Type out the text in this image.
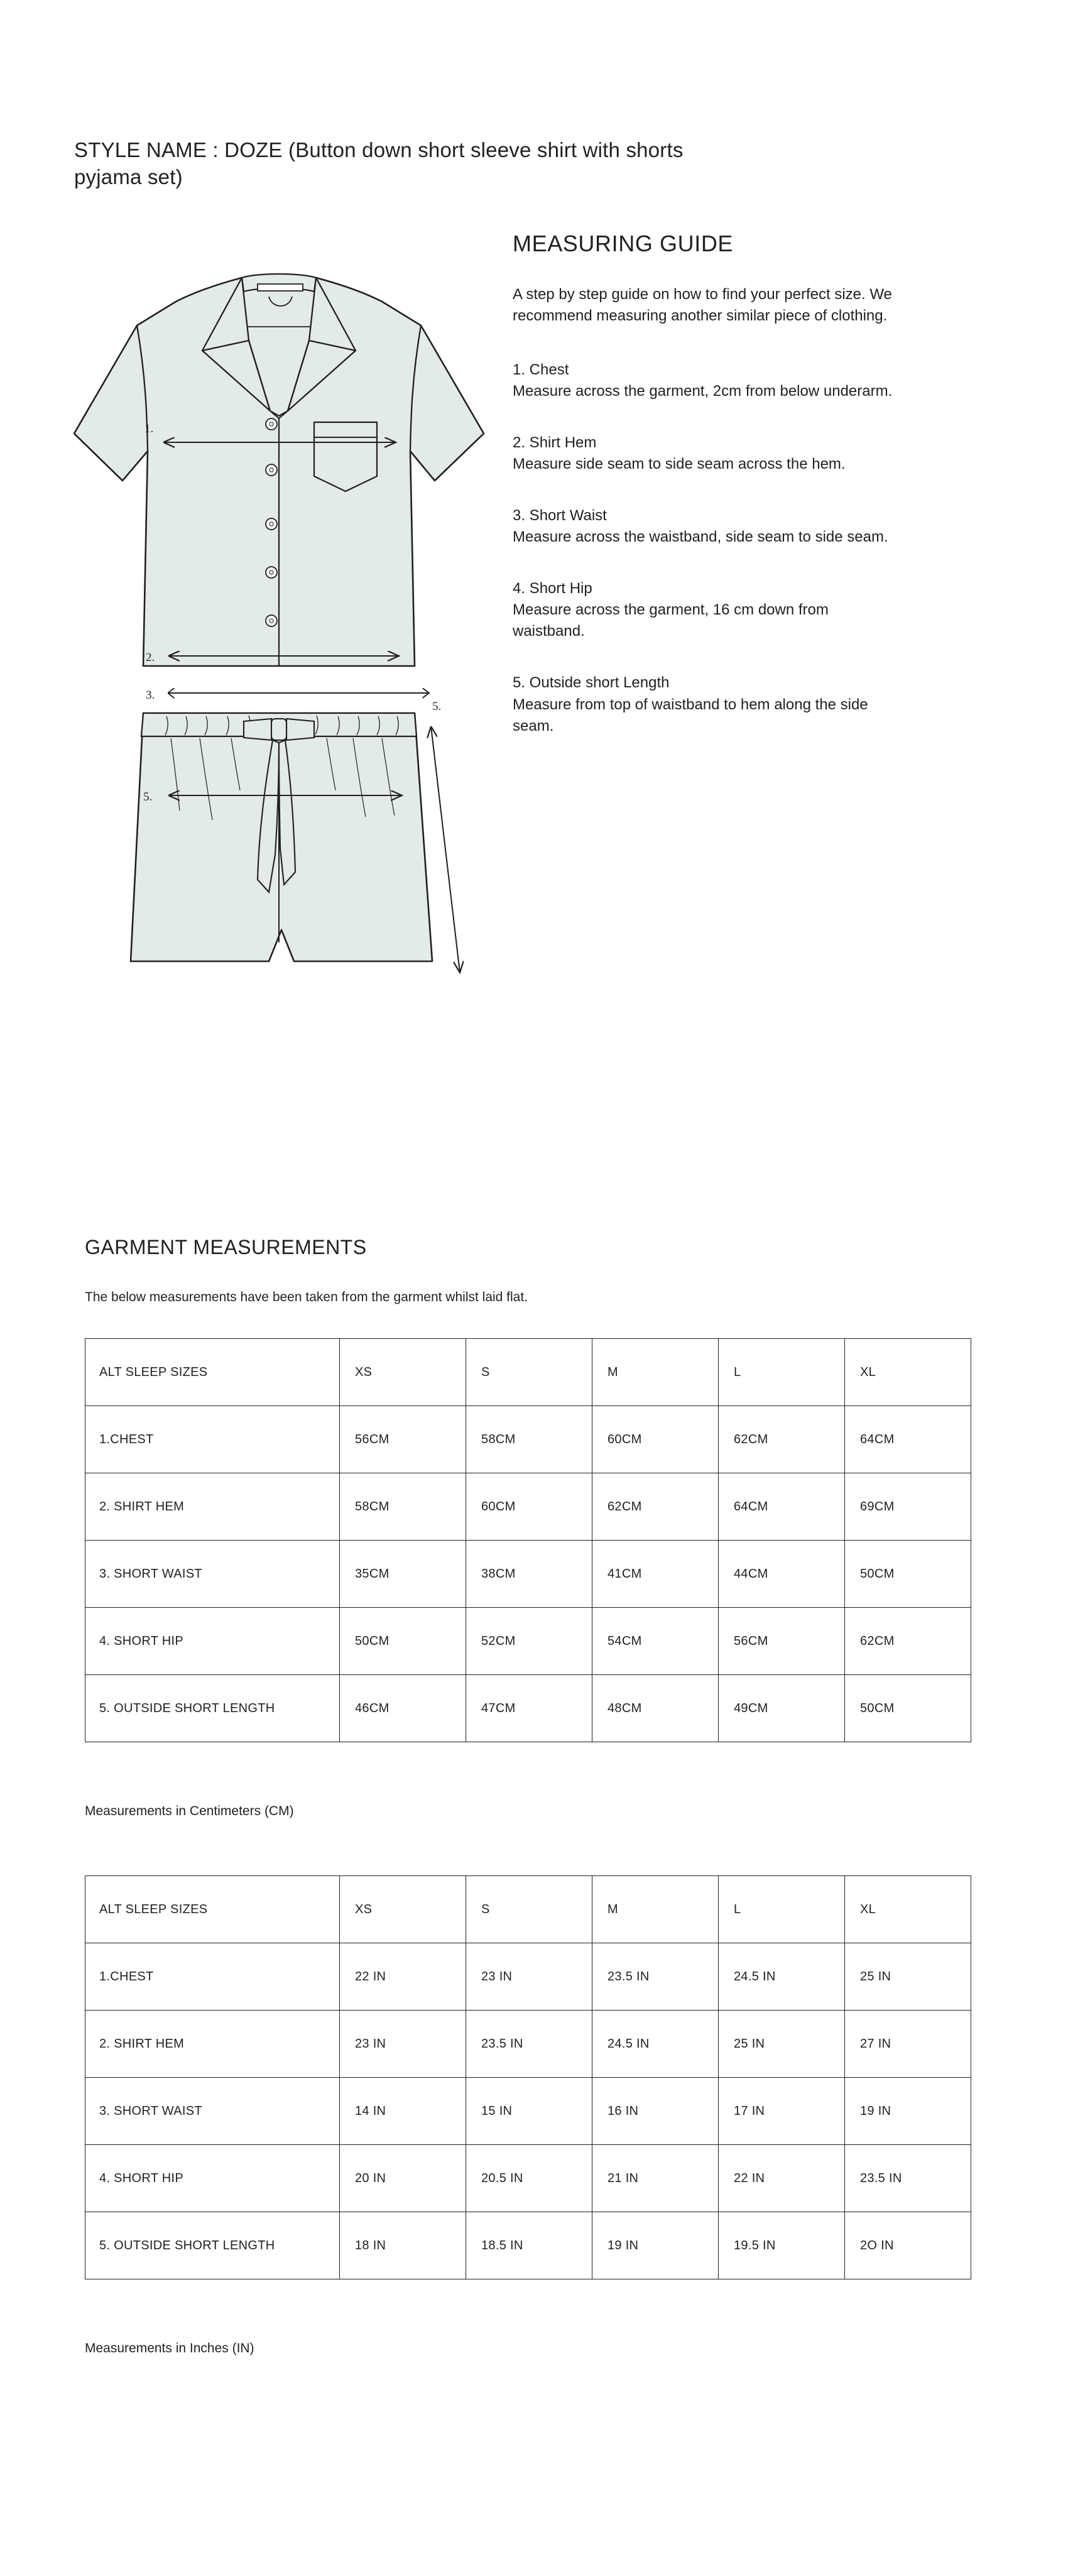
STYLE NAME : DOZE (Button down short sleeve shirt with shorts
pyjama set)
1.
2.
3.
5.
5.
MEASURING GUIDE

A step by step guide on how to find your perfect size. We recommend measuring another similar piece of clothing.

1. Chest

Measure across the garment, 2cm from below underarm.

2. Shirt Hem

Measure side seam to side seam across the hem.

3. Short Waist

Measure across the waistband, side seam to side seam.

4. Short Hip

Measure across the garment, 16 cm down from waistband.

5. Outside short Length

Measure from top of waistband to hem along the side seam.

GARMENT MEASUREMENTS

The below measurements have been taken from the garment whilst laid flat.

ALT SLEEP SIZES	XS	S	M	L	XL
1.CHEST	56CM	58CM	60CM	62CM	64CM
2. SHIRT HEM	58CM	60CM	62CM	64CM	69CM
3. SHORT WAIST	35CM	38CM	41CM	44CM	50CM
4. SHORT HIP	50CM	52CM	54CM	56CM	62CM
5. OUTSIDE SHORT LENGTH	46CM	47CM	48CM	49CM	50CM

Measurements in Centimeters (CM)

ALT SLEEP SIZES	XS	S	M	L	XL
1.CHEST	22 IN	23 IN	23.5 IN	24.5 IN	25 IN
2. SHIRT HEM	23 IN	23.5 IN	24.5 IN	25 IN	27 IN
3. SHORT WAIST	14 IN	15 IN	16 IN	17 IN	19 IN
4. SHORT HIP	20 IN	20.5 IN	21 IN	22 IN	23.5 IN
5. OUTSIDE SHORT LENGTH	18 IN	18.5 IN	19 IN	19.5 IN	2O IN

Measurements in Inches (IN)
